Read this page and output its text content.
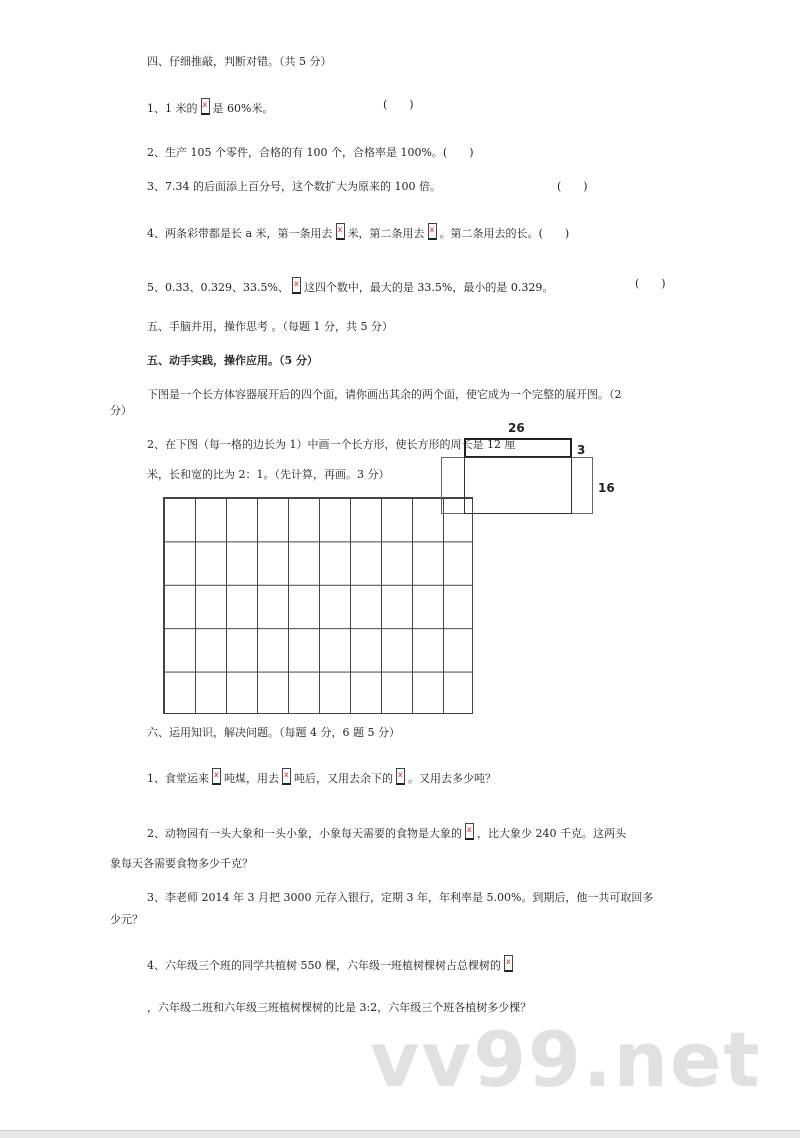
四、仔细推敲，判断对错。（共 5 分）
1、1 米的 x 是 60%米。	(　　)
2、生产 105 个零件，合格的有 100 个，合格率是 100%。(　　)
3、7.34 的后面添上百分号，这个数扩大为原来的 100 倍。	(　　)
4、两条彩带都是长 a 米，第一条用去 x 米，第二条用去 x 。第二条用去的长。(　　)
5、0.33、0.329、33.5%、 x 这四个数中，最大的是 33.5%，最小的是 0.329。	(　　)
五、手脑并用，操作思考 。（每题 1 分，共 5 分）
五、动手实践，操作应用。（5 分）
下图是一个长方体容器展开后的四个面，请你画出其余的两个面，使它成为一个完整的展开图。（2
分）
2、在下图（每一格的边长为 1）中画一个长方形，使长方形的周长是 12 厘
米，长和宽的比为 2：1。（先计算，再画。3 分）
26
3
16
六、运用知识，解决问题。（每题 4 分，6 题 5 分）
1、食堂运来 x 吨煤，用去 x 吨后，又用去余下的 x 。又用去多少吨？
2、动物园有一头大象和一头小象，小象每天需要的食物是大象的 x ，比大象少 240 千克。这两头
象每天各需要食物多少千克？
3、李老师 2014 年 3 月把 3000 元存入银行，定期 3 年，年利率是 5.00%。到期后，他一共可取回多
少元？
4、六年级三个班的同学共植树 550 棵，六年级一班植树棵树占总棵树的x
，六年级二班和六年级三班植树棵树的比是 3:2，六年级三个班各植树多少棵？
vv99.net
